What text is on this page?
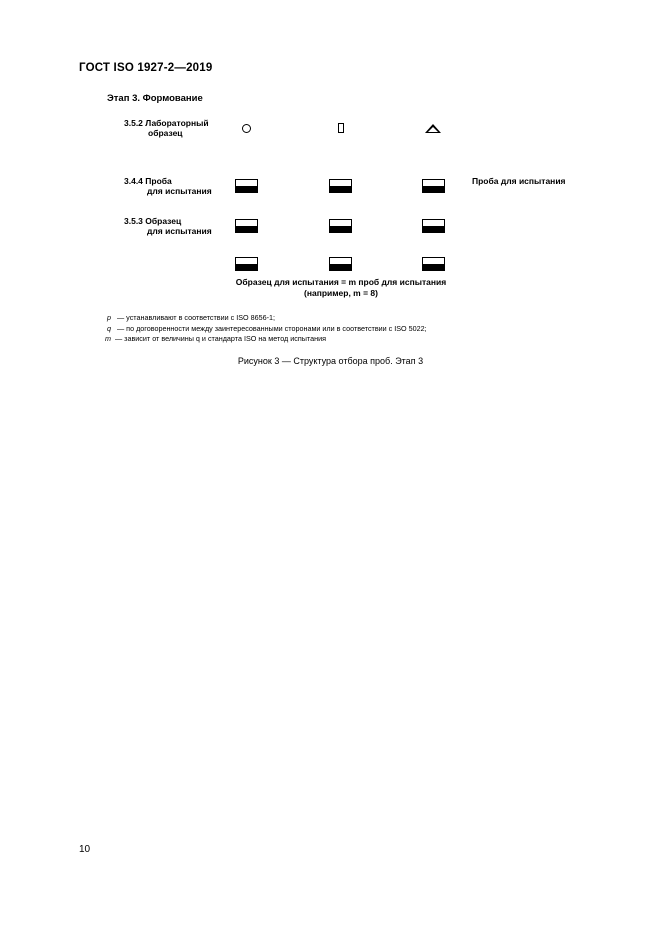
ГОСТ ISO 1927-2—2019
Этап 3. Формование
3.5.2 Лабораторный
образец
3.4.4 Проба
для испытания
3.5.3 Образец
для испытания
Проба для испытания
Образец для испытания = m проб для испытания
(например, m = 8)
p — устанавливают в соответствии с ISO 8656-1;
q — по договоренности между заинтересованными сторонами или в соответствии с ISO 5022;
m — зависит от величины q и стандарта ISO на метод испытания
Рисунок 3 — Структура отбора проб. Этап 3
10
